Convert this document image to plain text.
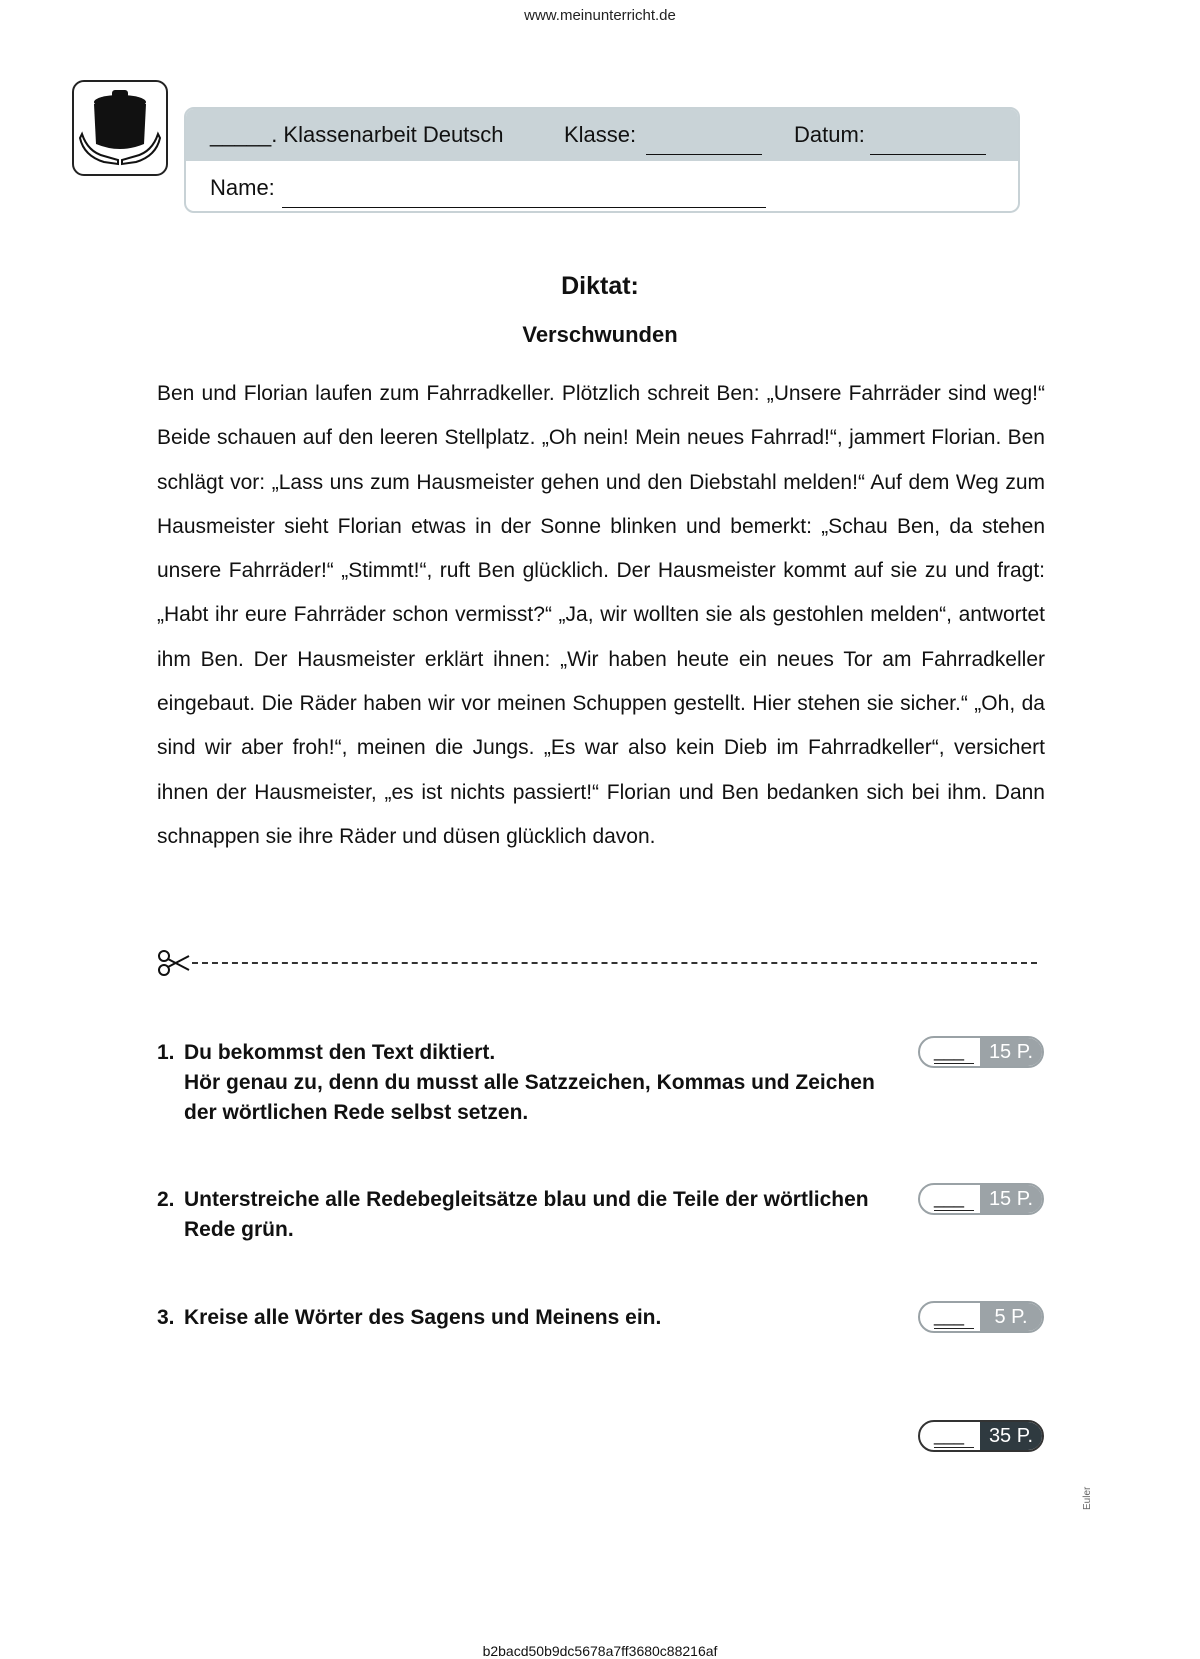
www.meinunterricht.de
_____. Klassenarbeit Deutsch	Klasse:	Datum:
Name:
Diktat:
Verschwunden

Ben und Florian laufen zum Fahrradkeller. Plötzlich schreit Ben: „Unsere Fahrräder sind weg!“ Beide schauen auf den leeren Stellplatz. „Oh nein! Mein neues Fahrrad!“, jammert Florian. Ben schlägt vor: „Lass uns zum Hausmeister gehen und den Diebstahl melden!“ Auf dem Weg zum Hausmeister sieht Florian etwas in der Sonne blinken und bemerkt: „Schau Ben, da stehen unsere Fahrräder!“ „Stimmt!“, ruft Ben glücklich. Der Hausmeister kommt auf sie zu und fragt: „Habt ihr eure Fahrräder schon vermisst?“ „Ja, wir wollten sie als gestohlen melden“, antwortet ihm Ben. Der Hausmeister erklärt ihnen: „Wir haben heute ein neues Tor am Fahrradkeller eingebaut. Die Räder haben wir vor meinen Schuppen gestellt. Hier stehen sie sicher.“ „Oh, da sind wir aber froh!“, meinen die Jungs. „Es war also kein Dieb im Fahrradkeller“, versichert ihnen der Hausmeister, „es ist nichts passiert!“ Florian und Ben bedanken sich bei ihm. Dann schnappen sie ihre Räder und düsen glücklich davon.

1. Du bekommst den Text diktiert.
Hör genau zu, denn du musst alle Satzzeichen, Kommas und Zeichen
der wörtlichen Rede selbst setzen.
___	15 P.
2. Unterstreiche alle Redebegleitsätze blau und die Teile der wörtlichen
Rede grün.
___	15 P.
3. Kreise alle Wörter des Sagens und Meinens ein.	___	5 P.
___	35 P.
Euler
b2bacd50b9dc5678a7ff3680c88216af
